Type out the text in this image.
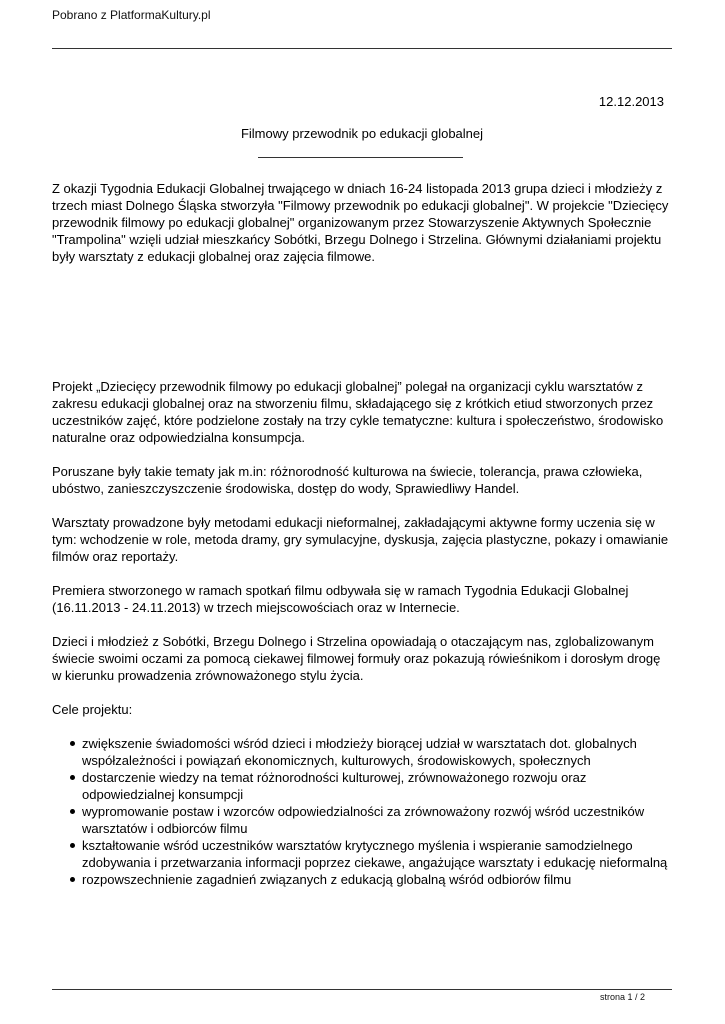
Pobrano z PlatformaKultury.pl
12.12.2013
Filmowy przewodnik po edukacji globalnej

Z okazji Tygodnia Edukacji Globalnej trwającego w dniach 16-24 listopada 2013 grupa dzieci i młodzieży z trzech miast Dolnego Śląska stworzyła "Filmowy przewodnik po edukacji globalnej". W projekcie "Dziecięcy przewodnik filmowy po edukacji globalnej" organizowanym przez Stowarzyszenie Aktywnych Społecznie "Trampolina" wzięli udział mieszkańcy Sobótki, Brzegu Dolnego i Strzelina. Głównymi działaniami projektu były warsztaty z edukacji globalnej oraz zajęcia filmowe.

Projekt „Dziecięcy przewodnik filmowy po edukacji globalnej” polegał na organizacji cyklu warsztatów z zakresu edukacji globalnej oraz na stworzeniu filmu, składającego się z krótkich etiud stworzonych przez uczestników zajęć, które podzielone zostały na trzy cykle tematyczne: kultura i społeczeństwo, środowisko naturalne oraz odpowiedzialna konsumpcja.

Poruszane były takie tematy jak m.in: różnorodność kulturowa na świecie, tolerancja, prawa człowieka, ubóstwo, zanieszczyszczenie środowiska, dostęp do wody, Sprawiedliwy Handel.

Warsztaty prowadzone były metodami edukacji nieformalnej, zakładającymi aktywne formy uczenia się w tym: wchodzenie w role, metoda dramy, gry symulacyjne, dyskusja, zajęcia plastyczne, pokazy i omawianie filmów oraz reportaży.

Premiera stworzonego w ramach spotkań filmu odbywała się w ramach Tygodnia Edukacji Globalnej (16.11.2013 - 24.11.2013) w trzech miejscowościach oraz w Internecie.

Dzieci i młodzież z Sobótki, Brzegu Dolnego i Strzelina opowiadają o otaczającym nas, zglobalizowanym świecie swoimi oczami za pomocą ciekawej filmowej formuły oraz pokazują rówieśnikom i dorosłym drogę w kierunku prowadzenia zrównoważonego stylu życia.

Cele projektu:

zwiększenie świadomości wśród dzieci i młodzieży biorącej udział w warsztatach dot. globalnych współzależności i powiązań ekonomicznych, kulturowych, środowiskowych, społecznych
dostarczenie wiedzy na temat różnorodności kulturowej, zrównoważonego rozwoju oraz odpowiedzialnej konsumpcji
wypromowanie postaw i wzorców odpowiedzialności za zrównoważony rozwój wśród uczestników warsztatów i odbiorców filmu
kształtowanie wśród uczestników warsztatów krytycznego myślenia i wspieranie samodzielnego zdobywania i przetwarzania informacji poprzez ciekawe, angażujące warsztaty i edukację nieformalną
rozpowszechnienie zagadnień związanych z edukacją globalną wśród odbiorów filmu
strona 1 / 2
